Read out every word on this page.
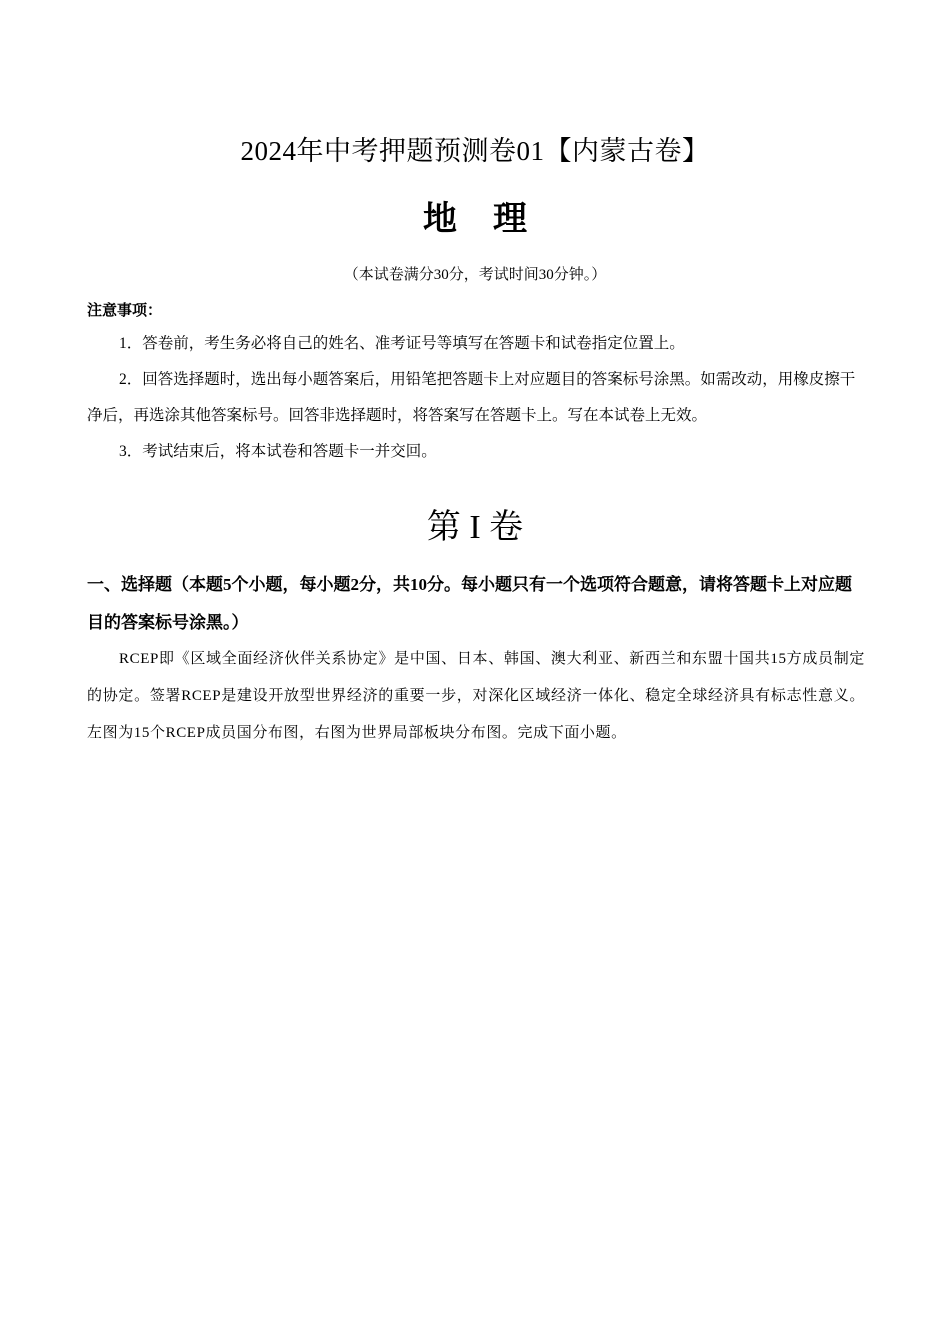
2024年中考押题预测卷01【内蒙古卷】
地 理
（本试卷满分30分，考试时间30分钟。）
注意事项：
1．答卷前，考生务必将自己的姓名、准考证号等填写在答题卡和试卷指定位置上。
2．回答选择题时，选出每小题答案后，用铅笔把答题卡上对应题目的答案标号涂黑。如需改动，用橡皮擦干净后，再选涂其他答案标号。回答非选择题时，将答案写在答题卡上。写在本试卷上无效。
3．考试结束后，将本试卷和答题卡一并交回。
第 I 卷
一、选择题（本题5个小题，每小题2分，共10分。每小题只有一个选项符合题意，请将答题卡上对应题目的答案标号涂黑。）
RCEP即《区域全面经济伙伴关系协定》是中国、日本、韩国、澳大利亚、新西兰和东盟十国共15方成员制定的协定。签署RCEP是建设开放型世界经济的重要一步，对深化区域经济一体化、稳定全球经济具有标志性意义。左图为15个RCEP成员国分布图，右图为世界局部板块分布图。完成下面小题。
